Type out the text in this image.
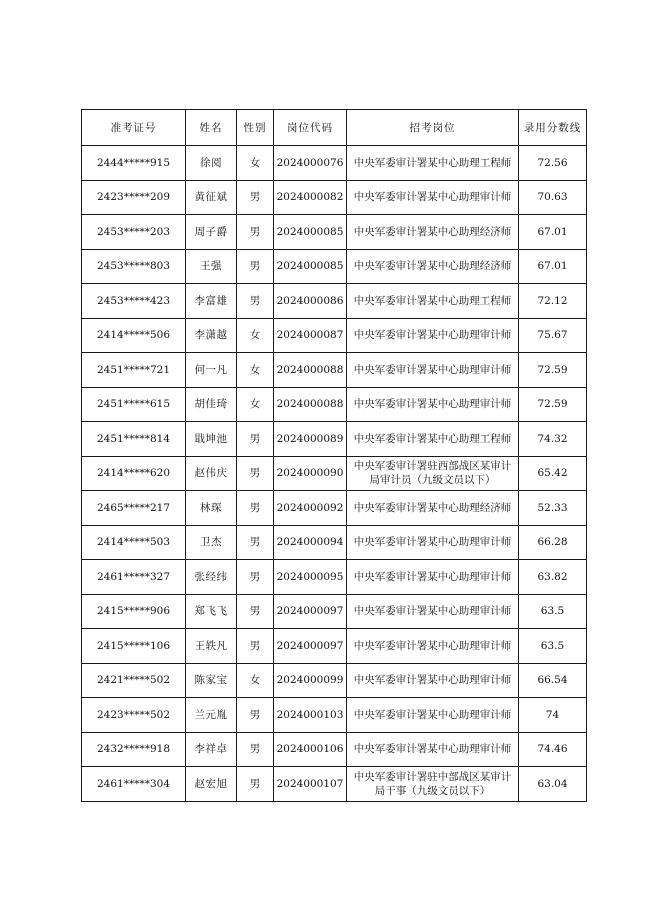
准考证号	姓名	性别	岗位代码	招考岗位	录用分数线
2444*****915	徐阅	女	2024000076	中央军委审计署某中心助理工程师	72.56
2423*****209	黄征斌	男	2024000082	中央军委审计署某中心助理审计师	70.63
2453*****203	周子爵	男	2024000085	中央军委审计署某中心助理经济师	67.01
2453*****803	王强	男	2024000085	中央军委审计署某中心助理经济师	67.01
2453*****423	李富雄	男	2024000086	中央军委审计署某中心助理工程师	72.12
2414*****506	李潇越	女	2024000087	中央军委审计署某中心助理审计师	75.67
2451*****721	何一凡	女	2024000088	中央军委审计署某中心助理审计师	72.59
2451*****615	胡佳琦	女	2024000088	中央军委审计署某中心助理审计师	72.59
2451*****814	戢坤池	男	2024000089	中央军委审计署某中心助理工程师	74.32
2414*****620	赵伟庆	男	2024000090	中央军委审计署驻西部战区某审计局审计员（九级文员以下）	65.42
2465*****217	林琛	男	2024000092	中央军委审计署某中心助理经济师	52.33
2414*****503	卫杰	男	2024000094	中央军委审计署某中心助理审计师	66.28
2461*****327	张经纬	男	2024000095	中央军委审计署某中心助理审计师	63.82
2415*****906	郑飞飞	男	2024000097	中央军委审计署某中心助理审计师	63.5
2415*****106	王轶凡	男	2024000097	中央军委审计署某中心助理审计师	63.5
2421*****502	陈家宝	女	2024000099	中央军委审计署某中心助理审计师	66.54
2423*****502	兰元胤	男	2024000103	中央军委审计署某中心助理审计师	74
2432*****918	李祥卓	男	2024000106	中央军委审计署某中心助理审计师	74.46
2461*****304	赵宏旭	男	2024000107	中央军委审计署驻中部战区某审计局干事（九级文员以下）	63.04
